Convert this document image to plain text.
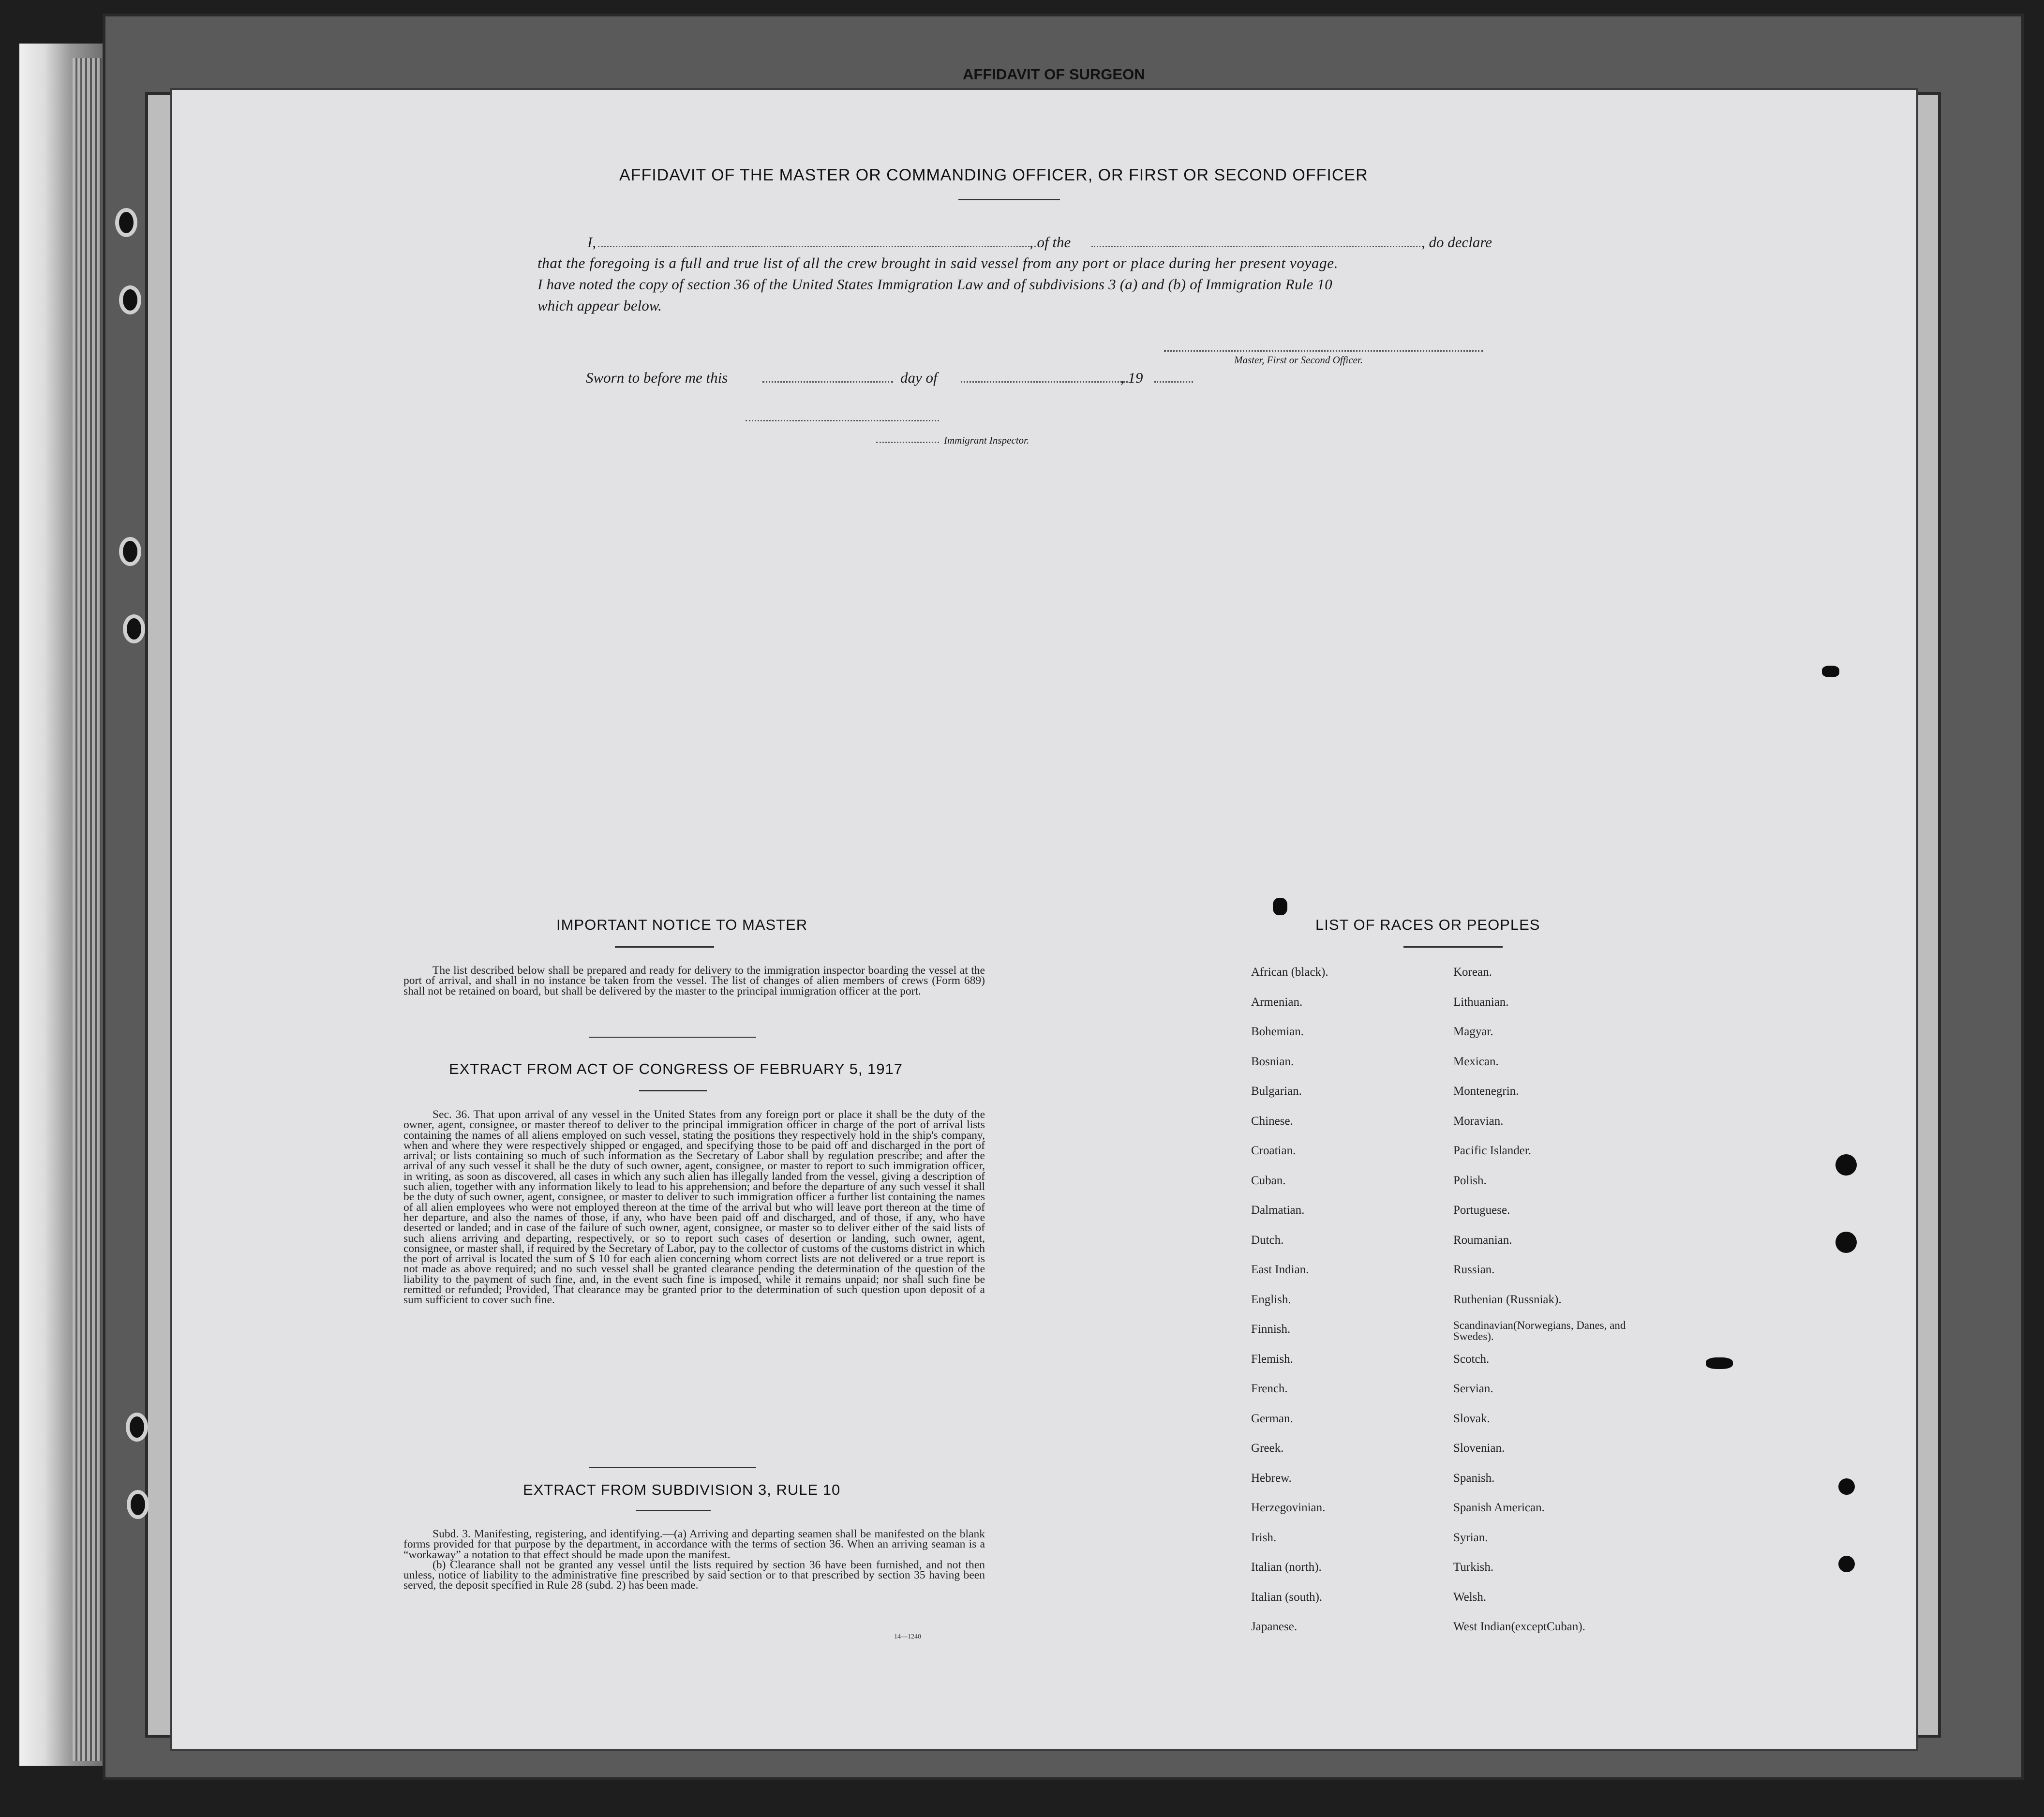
AFFIDAVIT OF SURGEON
AFFIDAVIT OF THE MASTER OR COMMANDING OFFICER, OR FIRST OR SECOND OFFICER
I,	, of the	, do declare
that the foregoing is a full and true list of all the crew brought in said vessel from any port or place during her present voyage.
I have noted the copy of section 36 of the United States Immigration Law and of subdivisions 3 (a) and (b) of Immigration Rule 10
which appear below.
Master, First or Second Officer.
Sworn to before me this	day of	, 19
Immigrant Inspector.
IMPORTANT NOTICE TO MASTER

The list described below shall be prepared and ready for delivery to the immigration inspector boarding the vessel at the port of arrival, and shall in no instance be taken from the vessel. The list of changes of alien members of crews (Form 689) shall not be retained on board, but shall be delivered by the master to the principal immigration officer at the port.

EXTRACT FROM ACT OF CONGRESS OF FEBRUARY 5, 1917

Sec. 36. That upon arrival of any vessel in the United States from any foreign port or place it shall be the duty of the owner, agent, consignee, or master thereof to deliver to the principal immigration officer in charge of the port of arrival lists containing the names of all aliens employed on such vessel, stating the positions they respectively hold in the ship's company, when and where they were respectively shipped or engaged, and specifying those to be paid off and discharged in the port of arrival; or lists containing so much of such information as the Secretary of Labor shall by regulation prescribe; and after the arrival of any such vessel it shall be the duty of such owner, agent, consignee, or master to report to such immigration officer, in writing, as soon as discovered, all cases in which any such alien has illegally landed from the vessel, giving a description of such alien, together with any information likely to lead to his apprehension; and before the departure of any such vessel it shall be the duty of such owner, agent, consignee, or master to deliver to such immigration officer a further list containing the names of all alien employees who were not employed thereon at the time of the arrival but who will leave port thereon at the time of her departure, and also the names of those, if any, who have been paid off and discharged, and of those, if any, who have deserted or landed; and in case of the failure of such owner, agent, consignee, or master so to deliver either of the said lists of such aliens arriving and departing, respectively, or so to report such cases of desertion or landing, such owner, agent, consignee, or master shall, if required by the Secretary of Labor, pay to the collector of customs of the customs district in which the port of arrival is located the sum of $ 10 for each alien concerning whom correct lists are not delivered or a true report is not made as above required; and no such vessel shall be granted clearance pending the determination of the question of the liability to the payment of such fine, and, in the event such fine is imposed, while it remains unpaid; nor shall such fine be remitted or refunded; Provided, That clearance may be granted prior to the determination of such question upon deposit of a sum sufficient to cover such fine.

EXTRACT FROM SUBDIVISION 3, RULE 10

Subd. 3. Manifesting, registering, and identifying.—(a) Arriving and departing seamen shall be manifested on the blank forms provided for that purpose by the department, in accordance with the terms of section 36. When an arriving seaman is a “workaway” a notation to that effect should be made upon the manifest.

(b) Clearance shall not be granted any vessel until the lists required by section 36 have been furnished, and not then unless, notice of liability to the administrative fine prescribed by said section or to that prescribed by section 35 having been served, the deposit specified in Rule 28 (subd. 2) has been made.

14—1240
LIST OF RACES OR PEOPLES
African (black).
Armenian.
Bohemian.
Bosnian.
Bulgarian.
Chinese.
Croatian.
Cuban.
Dalmatian.
Dutch.
East Indian.
English.
Finnish.
Flemish.
French.
German.
Greek.
Hebrew.
Herzegovinian.
Irish.
Italian (north).
Italian (south).
Japanese.
Korean.
Lithuanian.
Magyar.
Mexican.
Montenegrin.
Moravian.
Pacific Islander.
Polish.
Portuguese.
Roumanian.
Russian.
Ruthenian (Russniak).
Scandinavian(Norwegians, Danes, and Swedes).
Scotch.
Servian.
Slovak.
Slovenian.
Spanish.
Spanish American.
Syrian.
Turkish.
Welsh.
West Indian(exceptCuban).
